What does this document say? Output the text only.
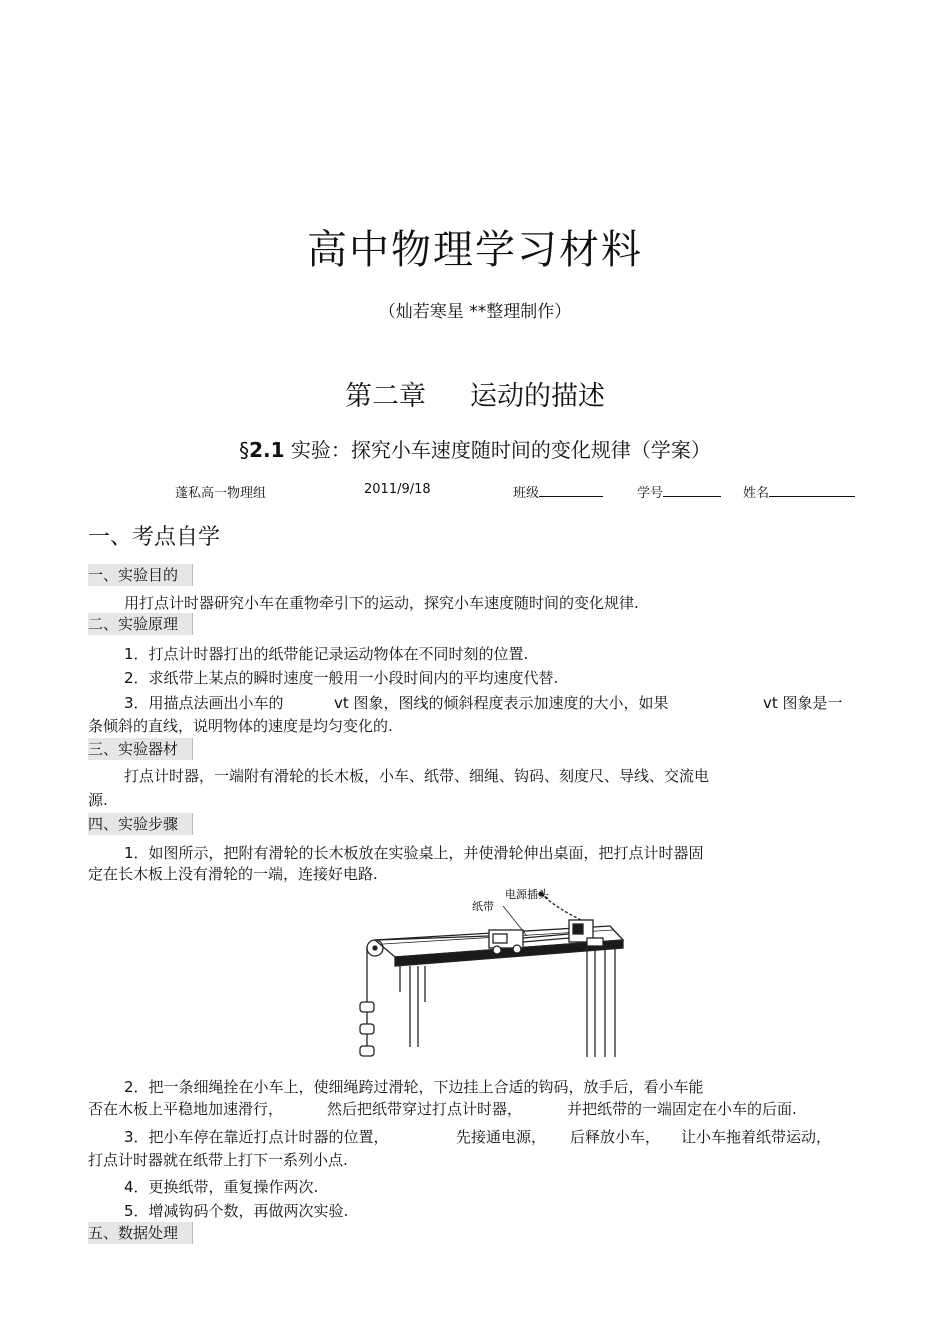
高中物理学习材料
（灿若寒星 **整理制作）
第二章 运动的描述
§2.1 实验：探究小车速度随时间的变化规律（学案）
蓬私高一物理组	2011/9/18	班级	学号	姓名
一、考点自学
一、实验目的
用打点计时器研究小车在重物牵引下的运动，探究小车速度随时间的变化规律.
二、实验原理
1．打点计时器打出的纸带能记录运动物体在不同时刻的位置.
2．求纸带上某点的瞬时速度一般用一小段时间内的平均速度代替.
3．用描点法画出小车的	vt 图象，图线的倾斜程度表示加速度的大小，如果	vt 图象是一
条倾斜的直线，说明物体的速度是均匀变化的.
三、实验器材
打点计时器，一端附有滑轮的长木板，小车、纸带、细绳、钩码、刻度尺、导线、交流电
源.
四、实验步骤
1．如图所示，把附有滑轮的长木板放在实验桌上，并使滑轮伸出桌面，把打点计时器固
定在长木板上没有滑轮的一端，连接好电路.
纸带
电源插头
2．把一条细绳拴在小车上，使细绳跨过滑轮，下边挂上合适的钩码，放手后，看小车能
否在木板上平稳地加速滑行，	然后把纸带穿过打点计时器，	并把纸带的一端固定在小车的后面.
3．把小车停在靠近打点计时器的位置，	先接通电源， 后释放小车， 让小车拖着纸带运动，
打点计时器就在纸带上打下一系列小点.
4．更换纸带，重复操作两次.
5．增减钩码个数，再做两次实验.
五、数据处理
